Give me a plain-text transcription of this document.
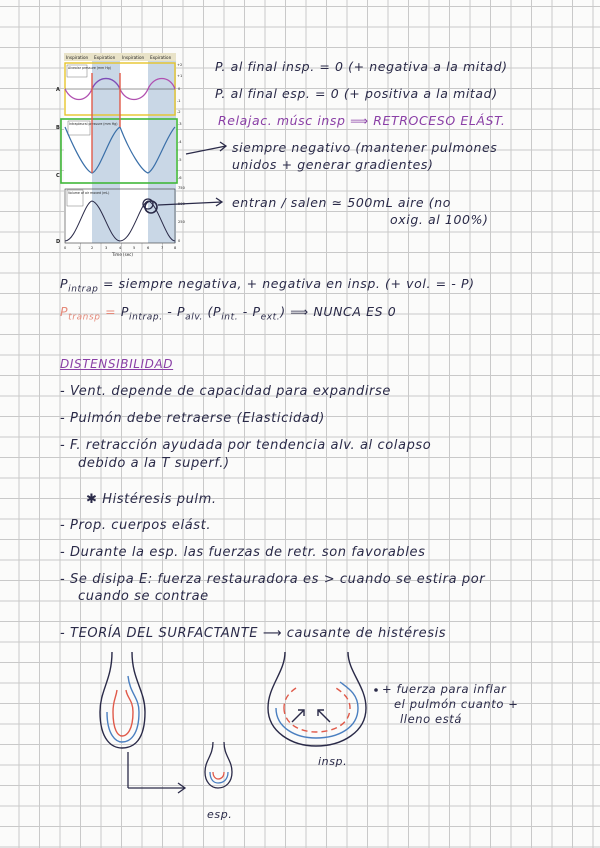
Inspiration Expiration Inspiration Expiration
Alveolar pressure (mm Hg)
+2
+1
0
-1
-2
A
Intrapleural pressure (mm Hg)	-3
-4
-5
-6
B
C
Volume of air moved (mL)
750
500
250
0
D
0	1	2	3	4	5	6	7	8
Time (sec)
P. al final insp. = 0 (+ negativa a la mitad)
P. al final esp. = 0 (+ positiva a la mitad)
Relajac. músc insp ⟹ RETROCESO ELÁST.
siempre negativo (mantener pulmones
unidos + generar gradientes)
entran / salen ≃ 500mL aire (no
oxig. al 100%)
$P_{intrap}$ = siempre negativa, + negativa en insp. (+ vol. = - P)
$P_{transp} = P_{intrap.} - P_{alv.}$ $(P_{int.} - P_{ext.})$ ⟹ NUNCA ES 0
DISTENSIBILIDAD
- Vent. depende de capacidad para expandirse
- Pulmón debe retraerse (Elasticidad)
- F. retracción ayudada por tendencia alv. al colapso
debido a la T superf.)
✱ Histéresis pulm.
- Prop. cuerpos elást.
- Durante la esp. las fuerzas de retr. son favorables
- Se disipa E: fuerza restauradora es > cuando se estira por
cuando se contrae
- TEORÍA DEL SURFACTANTE ⟶ causante de histéresis
+ fuerza para inflar
el pulmón cuanto +
lleno está
insp.
esp.
